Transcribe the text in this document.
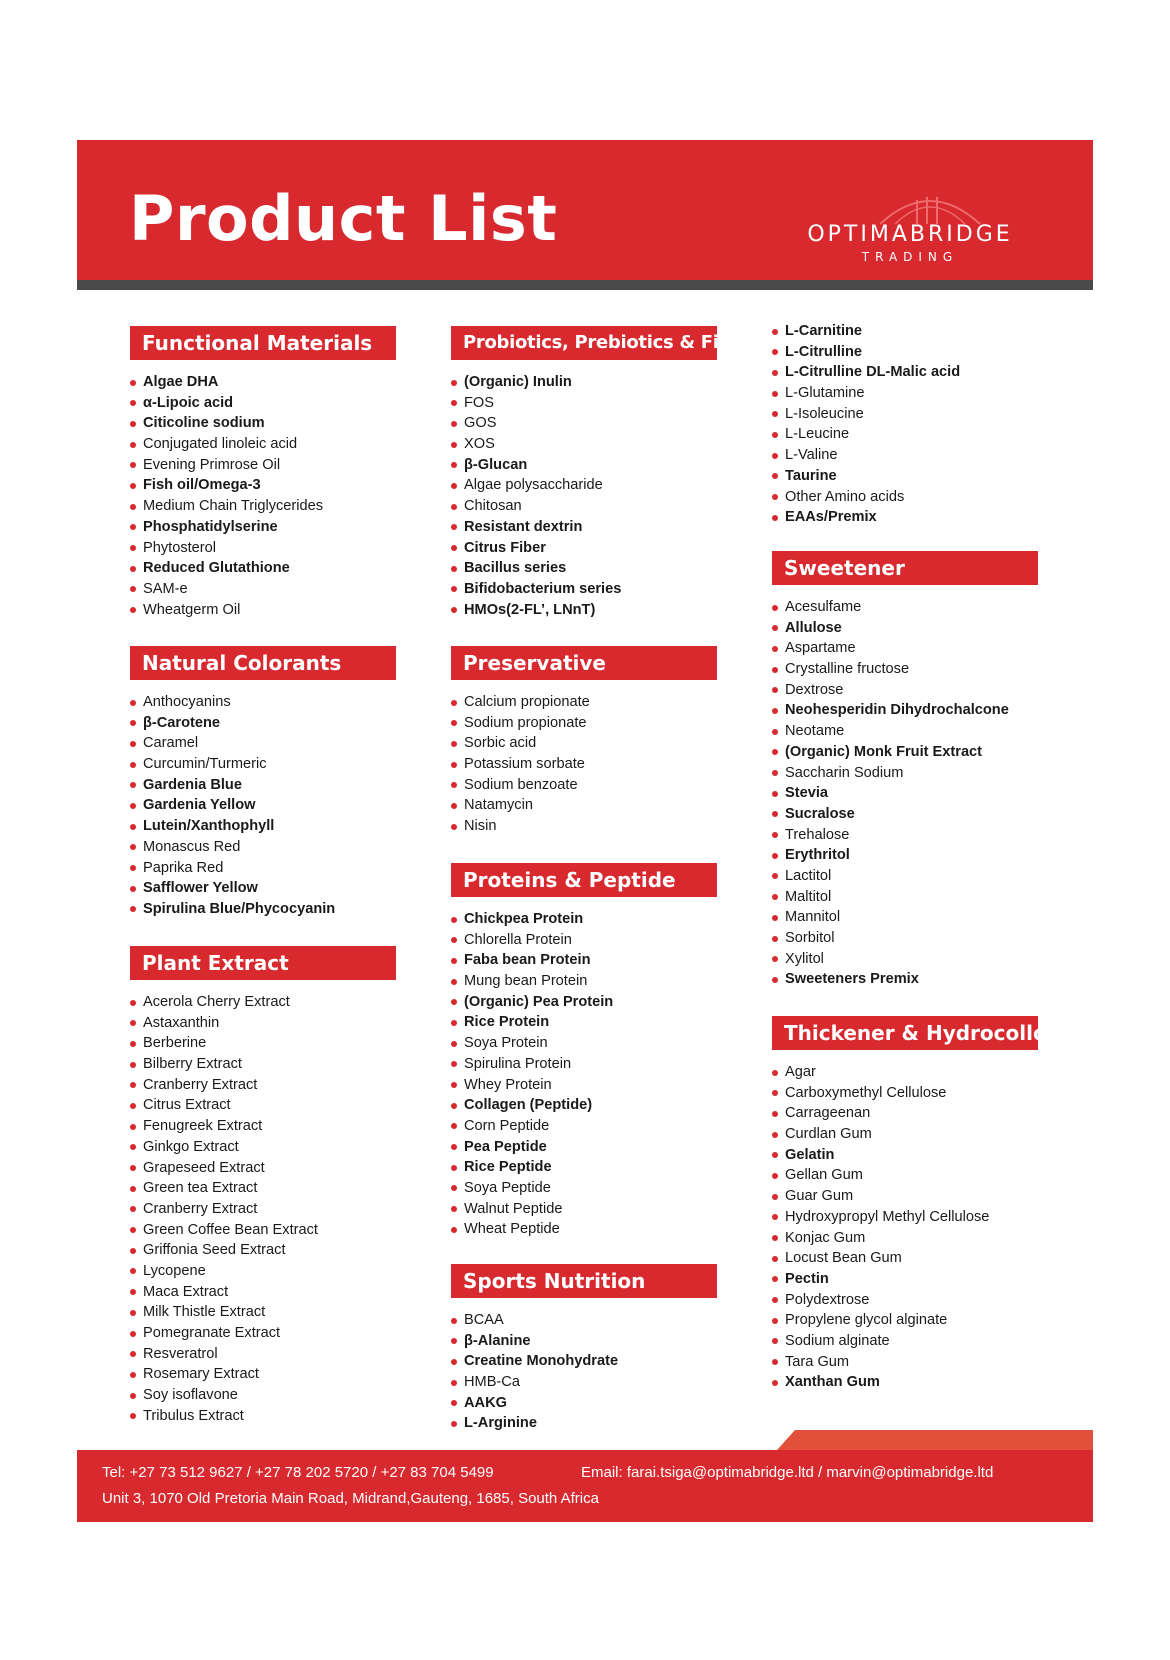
Product List	OPTIMABRIDGE
TRADING
Functional Materials
Algae DHA
α-Lipoic acid
Citicoline sodium
Conjugated linoleic acid
Evening Primrose Oil
Fish oil/Omega-3
Medium Chain Triglycerides
Phosphatidylserine
Phytosterol
Reduced Glutathione
SAM-e
Wheatgerm Oil
Natural Colorants
Anthocyanins
β-Carotene
Caramel
Curcumin/Turmeric
Gardenia Blue
Gardenia Yellow
Lutein/Xanthophyll
Monascus Red
Paprika Red
Safflower Yellow
Spirulina Blue/Phycocyanin
Plant Extract
Acerola Cherry Extract
Astaxanthin
Berberine
Bilberry Extract
Cranberry Extract
Citrus Extract
Fenugreek Extract
Ginkgo Extract
Grapeseed Extract
Green tea Extract
Cranberry Extract
Green Coffee Bean Extract
Griffonia Seed Extract
Lycopene
Maca Extract
Milk Thistle Extract
Pomegranate Extract
Resveratrol
Rosemary Extract
Soy isoflavone
Tribulus Extract
Probiotics, Prebiotics & Fibers
(Organic) Inulin
FOS
GOS
XOS
β-Glucan
Algae polysaccharide
Chitosan
Resistant dextrin
Citrus Fiber
Bacillus series
Bifidobacterium series
HMOs(2-FL’, LNnT)
Preservative
Calcium propionate
Sodium propionate
Sorbic acid
Potassium sorbate
Sodium benzoate
Natamycin
Nisin
Proteins & Peptide
Chickpea Protein
Chlorella Protein
Faba bean Protein
Mung bean Protein
(Organic) Pea Protein
Rice Protein
Soya Protein
Spirulina Protein
Whey Protein
Collagen (Peptide)
Corn Peptide
Pea Peptide
Rice Peptide
Soya Peptide
Walnut Peptide
Wheat Peptide
Sports Nutrition
BCAA
β-Alanine
Creatine Monohydrate
HMB-Ca
AAKG
L-Arginine
L-Carnitine
L-Citrulline
L-Citrulline DL-Malic acid
L-Glutamine
L-Isoleucine
L-Leucine
L-Valine
Taurine
Other Amino acids
EAAs/Premix
Sweetener
Acesulfame
Allulose
Aspartame
Crystalline fructose
Dextrose
Neohesperidin Dihydrochalcone
Neotame
(Organic) Monk Fruit Extract
Saccharin Sodium
Stevia
Sucralose
Trehalose
Erythritol
Lactitol
Maltitol
Mannitol
Sorbitol
Xylitol
Sweeteners Premix
Thickener & Hydrocolloids
Agar
Carboxymethyl Cellulose
Carrageenan
Curdlan Gum
Gelatin
Gellan Gum
Guar Gum
Hydroxypropyl Methyl Cellulose
Konjac Gum
Locust Bean Gum
Pectin
Polydextrose
Propylene glycol alginate
Sodium alginate
Tara Gum
Xanthan Gum
Tel: +27 73 512 9627 / +27 78 202 5720 / +27 83 704 5499	Email: farai.tsiga@optimabridge.ltd / marvin@optimabridge.ltd
Unit 3, 1070 Old Pretoria Main Road, Midrand,Gauteng, 1685, South Africa
